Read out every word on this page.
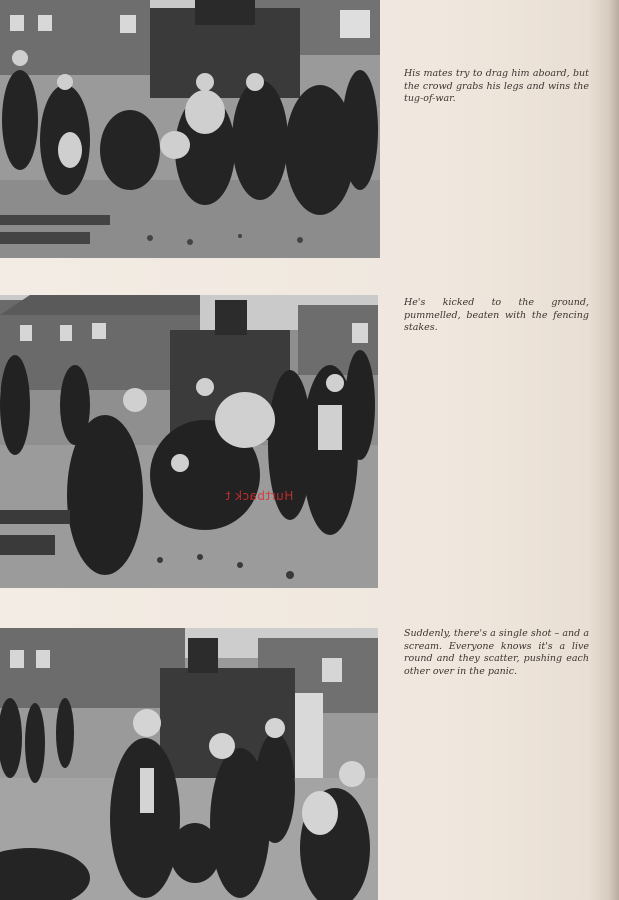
His mates try to drag him aboard, but the crowd grabs his legs and wins the tug-of-war.
He's kicked to the ground, pummelled, beaten with the fencing stakes.
Suddenly, there's a single shot – and a scream. Everyone knows it's a live round and they scatter, pushing each other over in the panic.
Hurtback t
